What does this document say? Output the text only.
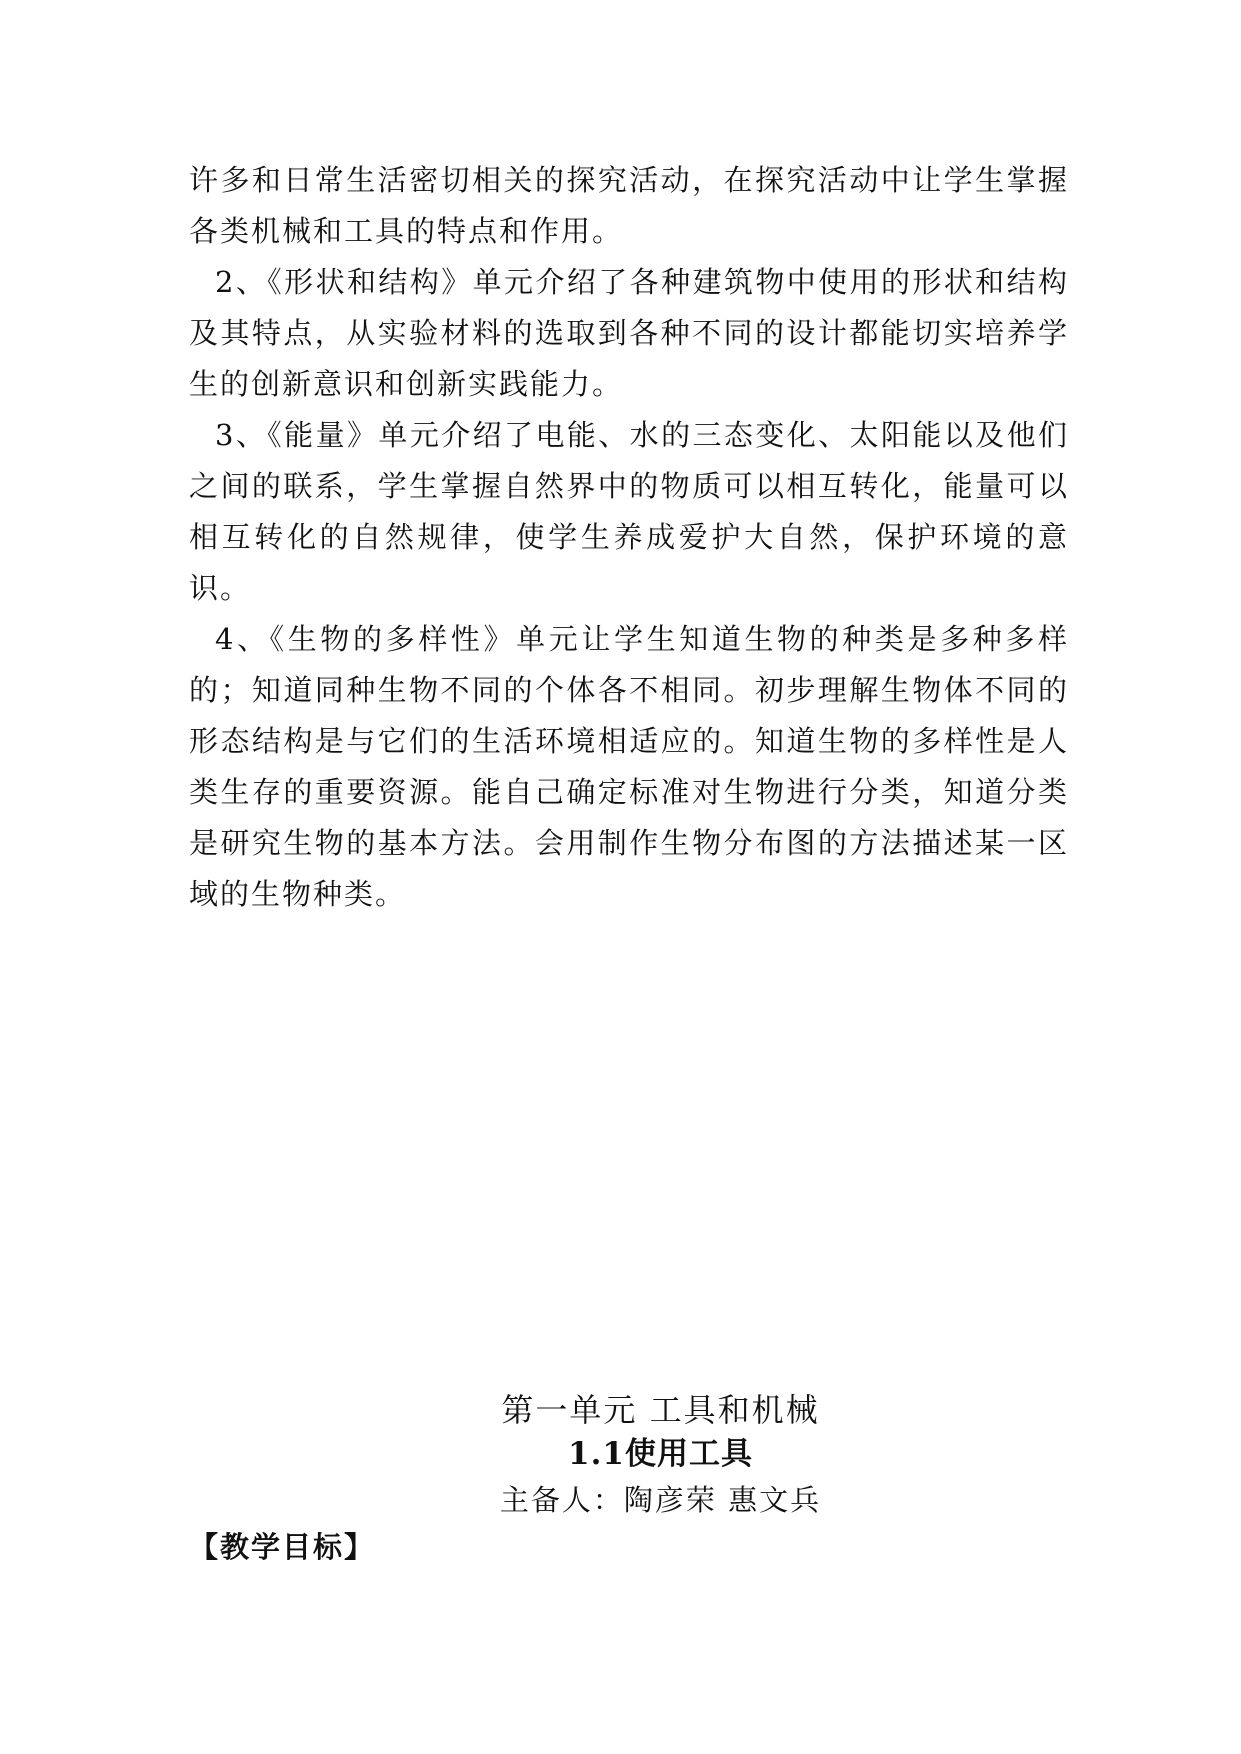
许多和日常生活密切相关的探究活动，在探究活动中让学生掌握各类机械和工具的特点和作用。

2、《形状和结构》单元介绍了各种建筑物中使用的形状和结构及其特点，从实验材料的选取到各种不同的设计都能切实培养学生的创新意识和创新实践能力。

3、《能量》单元介绍了电能、水的三态变化、太阳能以及他们之间的联系，学生掌握自然界中的物质可以相互转化，能量可以相互转化的自然规律，使学生养成爱护大自然，保护环境的意识。

4、《生物的多样性》单元让学生知道生物的种类是多种多样的；知道同种生物不同的个体各不相同。初步理解生物体不同的形态结构是与它们的生活环境相适应的。知道生物的多样性是人类生存的重要资源。能自己确定标准对生物进行分类，知道分类是研究生物的基本方法。会用制作生物分布图的方法描述某一区域的生物种类。

第一单元 工具和机械
1.1使用工具
主备人：陶彦荣 惠文兵
【教学目标】
